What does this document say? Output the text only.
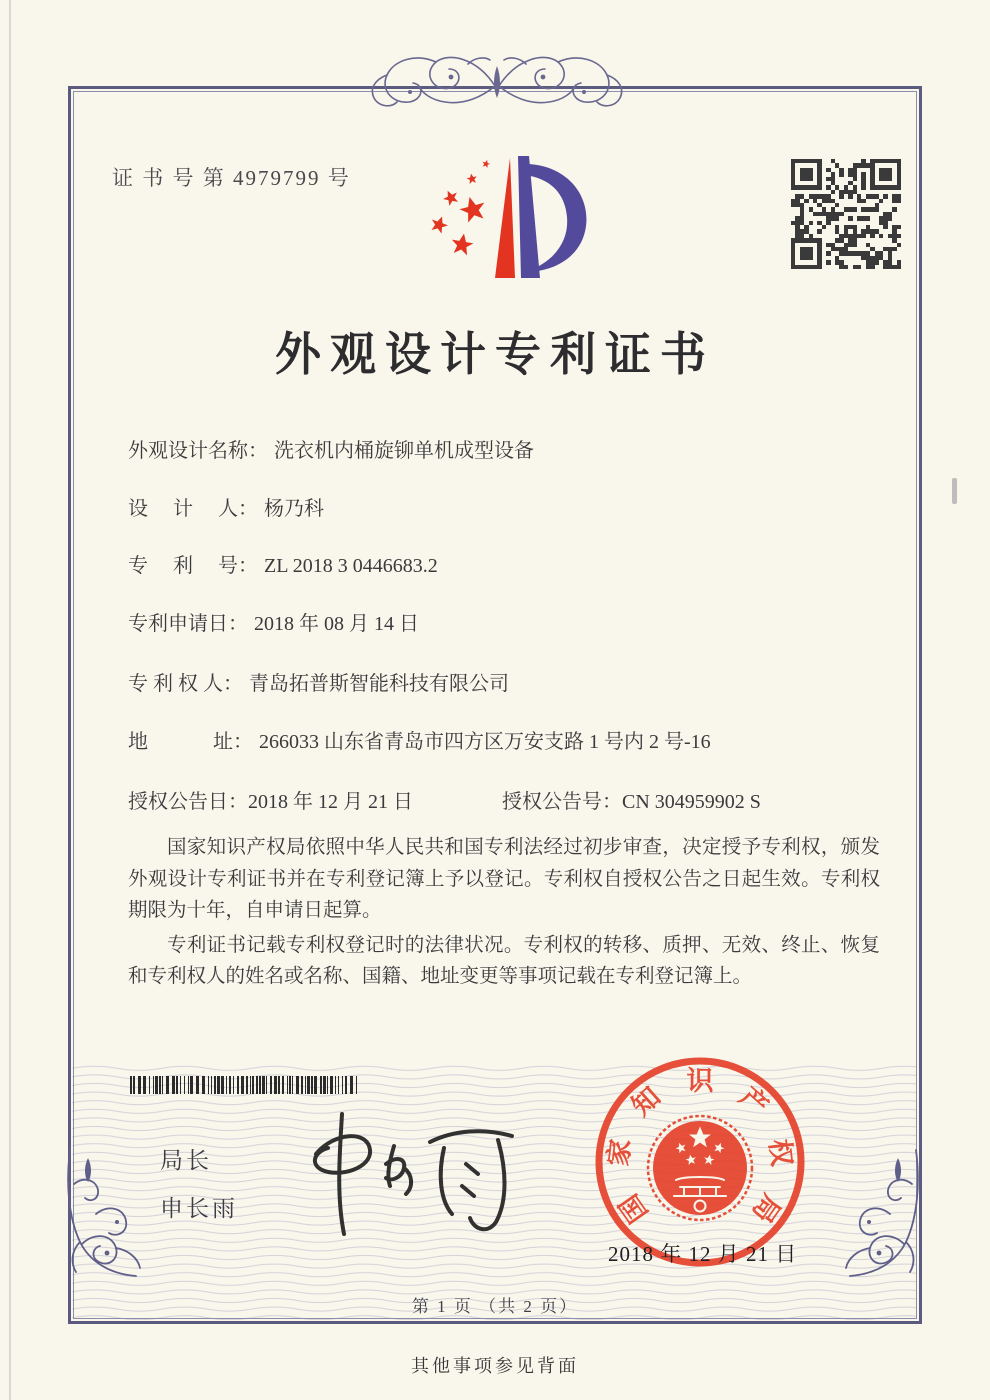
证 书 号 第 4979799 号
外观设计专利证书
外观设计名称： 洗衣机内桶旋铆单机成型设备
设　 计 　人： 杨乃科
专　 利 　号： ZL 2018 3 0446683.2
专利申请日： 2018 年 08 月 14 日
专 利 权 人： 青岛拓普斯智能科技有限公司
地　 　　址： 266033 山东省青岛市四方区万安支路 1 号内 2 号-16
授权公告日：2018 年 12 月 21 日	授权公告号：CN 304959902 S

国家知识产权局依照中华人民共和国专利法经过初步审查，决定授予专利权，颁发外观设计专利证书并在专利登记簿上予以登记。专利权自授权公告之日起生效。专利权期限为十年，自申请日起算。

专利证书记载专利权登记时的法律状况。专利权的转移、质押、无效、终止、恢复和专利权人的姓名或名称、国籍、地址变更等事项记载在专利登记簿上。

局长
申长雨	国
家
知
识
产
权
局
2018 年 12 月 21 日
第 1 页 （共 2 页）
其他事项参见背面
